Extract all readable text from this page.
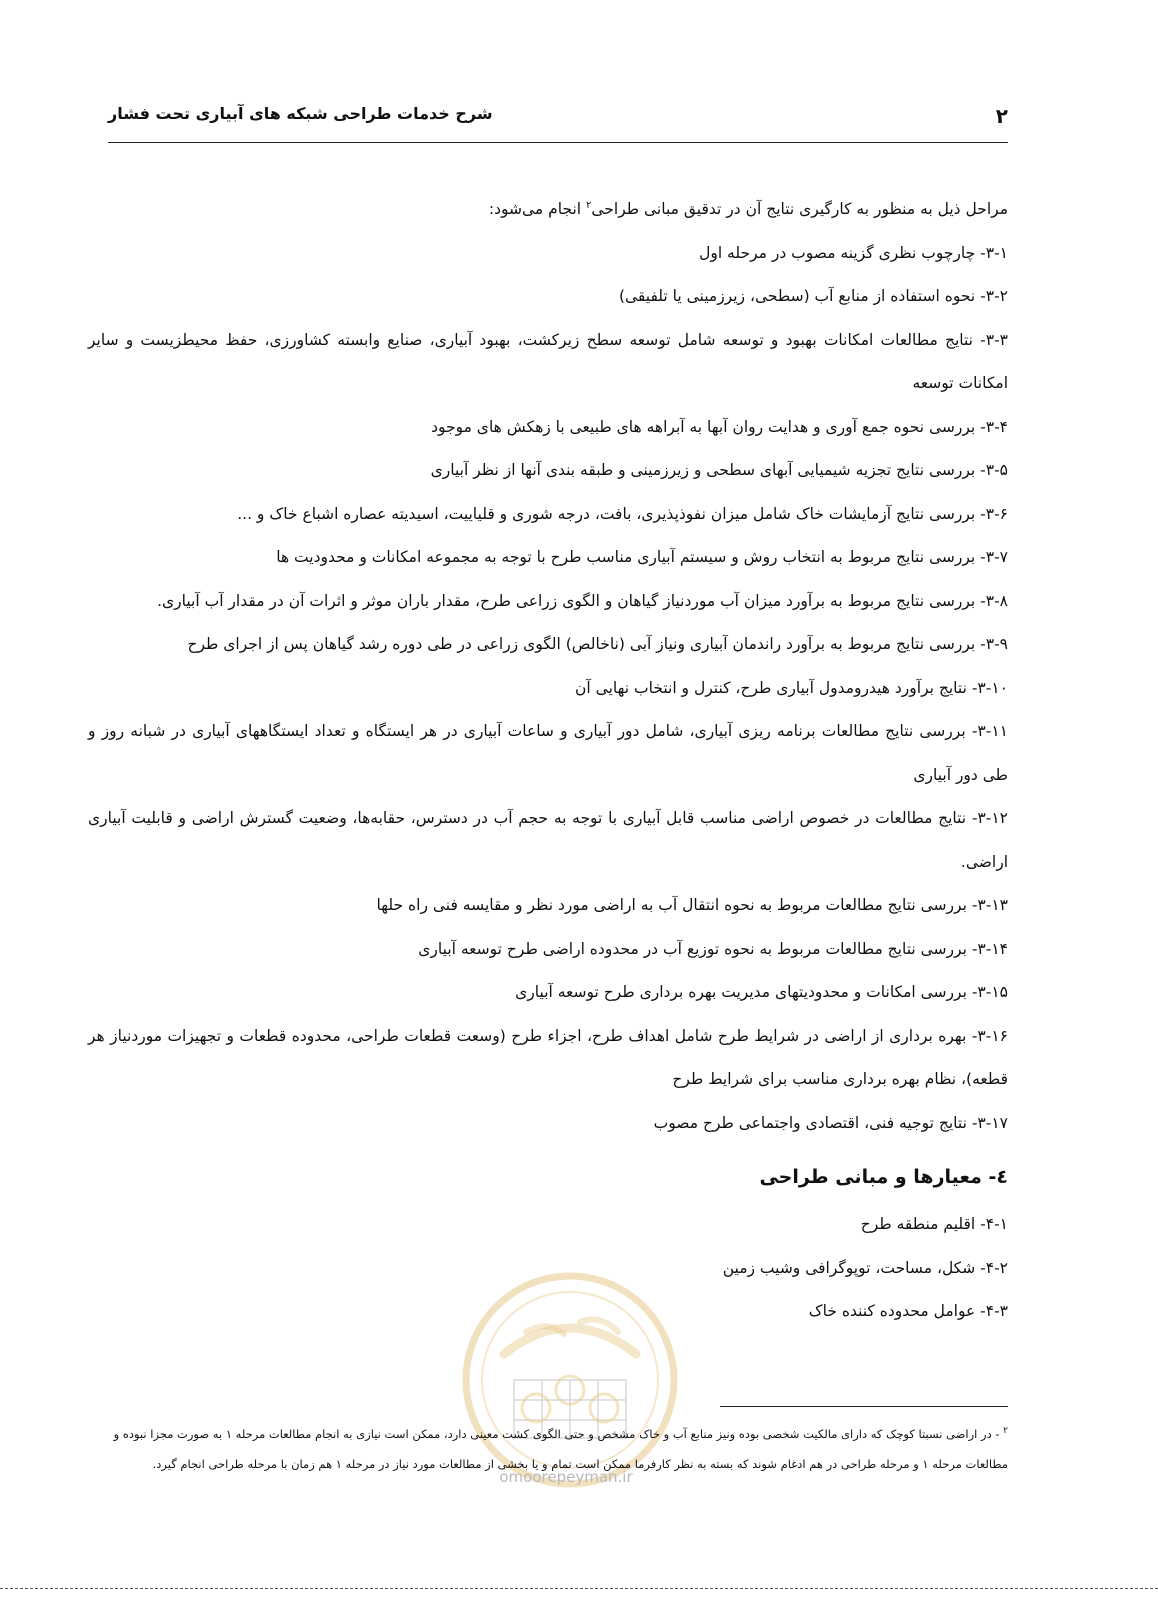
۲
شرح خدمات طراحی شبکه های آبیاری تحت فشار

مراحل ذیل به منظور به کارگیری نتایج آن در تدقیق مبانی طراحی$^۲$ انجام می‌شود:

۳-۱- چارچوب نظری گزینه مصوب در مرحله اول

۳-۲- نحوه استفاده از منابع آب (سطحی، زیرزمینی یا تلفیقی)

۳-۳- نتایج مطالعات امکانات بهبود و توسعه شامل توسعه سطح زیرکشت، بهبود آبیاری، صنایع وابسته کشاورزی، حفظ محیطزیست و سایر امکانات توسعه

۳-۴- بررسی نحوه جمع آوری و هدایت روان آبها به آبراهه های طبیعی با زهکش های موجود

۳-۵- بررسی نتایج تجزیه شیمیایی آبهای سطحی و زیرزمینی و طبقه بندی آنها از نظر آبیاری

۳-۶- بررسی نتایج آزمایشات خاک شامل میزان نفوذپذیری، بافت، درجه شوری و قلیاییت، اسیدیته عصاره اشباع خاک و ...

۳-۷- بررسی نتایج مربوط به انتخاب روش و سیستم آبیاری مناسب طرح با توجه به مجموعه امکانات و محدودیت ها

۳-۸- بررسی نتایج مربوط به برآورد میزان آب موردنیاز گیاهان و الگوی زراعی طرح، مقدار باران موثر و اثرات آن در مقدار آب آبیاری.

۳-۹- بررسی نتایج مربوط به برآورد راندمان آبیاری ونیاز آبی (ناخالص) الگوی زراعی در طی دوره رشد گیاهان پس از اجرای طرح

۳-۱۰- نتایج برآورد هیدرومدول آبیاری طرح، کنترل و انتخاب نهایی آن

۳-۱۱- بررسی نتایج مطالعات برنامه ریزی آبیاری، شامل دور آبیاری و ساعات آبیاری در هر ایستگاه و تعداد ایستگاههای آبیاری در شبانه روز و طی دور آبیاری

۳-۱۲- نتایج مطالعات در خصوص اراضی مناسب قابل آبیاری با توجه به حجم آب در دسترس، حقابه‌ها، وضعیت گسترش اراضی و قابلیت آبیاری اراضی.

۳-۱۳- بررسی نتایج مطالعات مربوط به نحوه انتقال آب به اراضی مورد نظر و مقایسه فنی راه حلها

۳-۱۴- بررسی نتایج مطالعات مربوط به نحوه توزیع آب در محدوده اراضی طرح توسعه آبیاری

۳-۱۵- بررسی امکانات و محدودیتهای مدیریت بهره برداری طرح توسعه آبیاری

۳-۱۶- بهره برداری از اراضی در شرایط طرح شامل اهداف طرح، اجزاء طرح (وسعت قطعات طراحی، محدوده قطعات و تجهیزات موردنیاز هر قطعه)، نظام بهره برداری مناسب برای شرایط طرح

۳-۱۷- نتایج توجیه فنی، اقتصادی واجتماعی طرح مصوب

٤- معیارها و مبانی طراحی

۴-۱- اقلیم منطقه طرح

۴-۲- شکل، مساحت، توپوگرافی وشیب زمین

۴-۳- عوامل محدوده کننده خاک

omoorepeyman.ir

$^۲$ - در اراضی نسبتا کوچک که دارای مالکیت شخصی بوده ونیز منابع آب و خاک مشخص و حتی الگوی کشت معینی دارد، ممکن است نیازی به انجام مطالعات مرحله ۱ به صورت مجزا نبوده و مطالعات مرحله ۱ و مرحله طراحی در هم ادغام شوند که بسته به نظر کارفرما ممکن است تمام و یا بخشی از مطالعات مورد نیاز در مرحله ۱ هم زمان با مرحله طراحی انجام گیرد.
